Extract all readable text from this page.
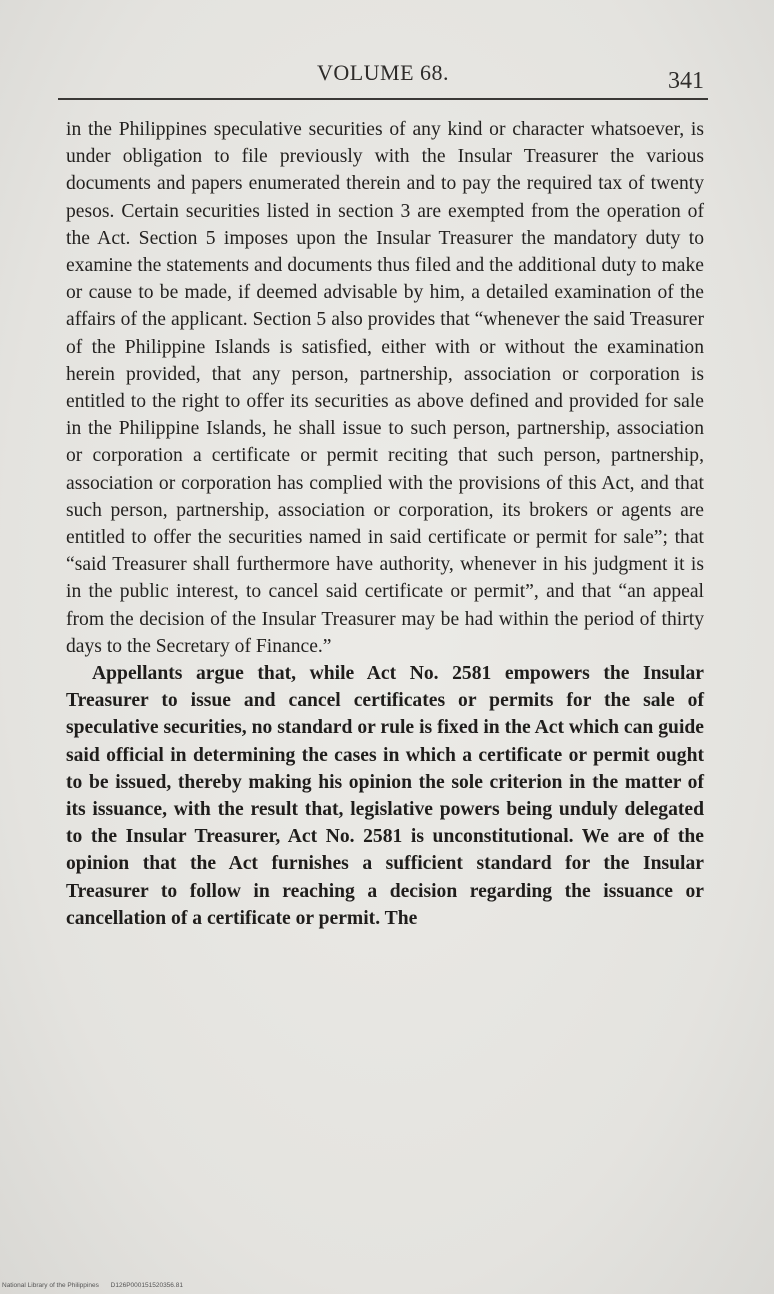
VOLUME 68.	341

in the Philippines speculative securities of any kind or character whatsoever, is under obligation to file previously with the Insular Treasurer the various documents and papers enumerated therein and to pay the required tax of twenty pesos. Certain securities listed in section 3 are exempted from the operation of the Act. Section 5 imposes upon the Insular Treasurer the mandatory duty to examine the statements and documents thus filed and the additional duty to make or cause to be made, if deemed advisable by him, a detailed examination of the affairs of the applicant. Section 5 also provides that “whenever the said Treasurer of the Philippine Islands is satisfied, either with or without the examination herein provided, that any person, partnership, association or corporation is entitled to the right to offer its securities as above defined and provided for sale in the Philippine Islands, he shall issue to such person, partnership, association or corporation a certificate or permit reciting that such person, partnership, association or corporation has complied with the provisions of this Act, and that such person, partnership, association or corporation, its brokers or agents are entitled to offer the securities named in said certificate or permit for sale”; that “said Treasurer shall furthermore have authority, whenever in his judgment it is in the public interest, to cancel said certificate or permit”, and that “an appeal from the decision of the Insular Treasurer may be had within the period of thirty days to the Secretary of Finance.”

Appellants argue that, while Act No. 2581 empowers the Insular Treasurer to issue and cancel certificates or permits for the sale of speculative securities, no standard or rule is fixed in the Act which can guide said official in determining the cases in which a certificate or permit ought to be issued, thereby making his opinion the sole criterion in the matter of its issuance, with the result that, legislative powers being unduly delegated to the Insular Treasurer, Act No. 2581 is unconstitutional. We are of the opinion that the Act furnishes a sufficient standard for the Insular Treasurer to follow in reaching a decision regarding the issuance or cancellation of a certificate or permit. The

National Library of the Philippines D126P000151520356.81
